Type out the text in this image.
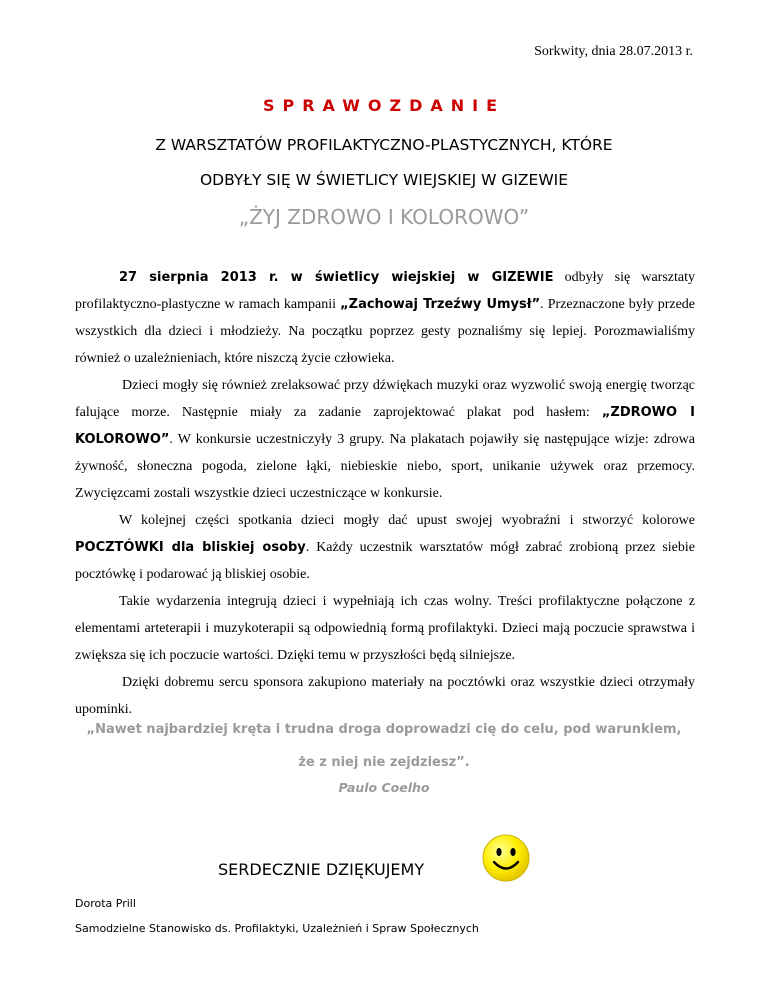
Sorkwity, dnia 28.07.2013 r.
SPRAWOZDANIE
Z WARSZTATÓW PROFILAKTYCZNO-PLASTYCZNYCH, KTÓRE
ODBYŁY SIĘ W ŚWIETLICY WIEJSKIEJ W GIZEWIE
„ŻYJ ZDROWO I KOLOROWO”

27 sierpnia 2013 r. w świetlicy wiejskiej w GIZEWIE odbyły się warsztaty profilaktyczno-plastyczne w ramach kampanii „Zachowaj Trzeźwy Umysł”. Przeznaczone były przede wszystkich dla dzieci i młodzieży. Na początku poprzez gesty poznaliśmy się lepiej. Porozmawialiśmy również o uzależnieniach, które niszczą życie człowieka.

Dzieci mogły się również zrelaksować przy dźwiękach muzyki oraz wyzwolić swoją energię tworząc falujące morze. Następnie miały za zadanie zaprojektować plakat pod hasłem: „ZDROWO I KOLOROWO”. W konkursie uczestniczyły 3 grupy. Na plakatach pojawiły się następujące wizje: zdrowa żywność, słoneczna pogoda, zielone łąki, niebieskie niebo, sport, unikanie używek oraz przemocy. Zwycięzcami zostali wszystkie dzieci uczestniczące w konkursie.

W kolejnej części spotkania dzieci mogły dać upust swojej wyobraźni i stworzyć kolorowe POCZTÓWKI dla bliskiej osoby. Każdy uczestnik warsztatów mógł zabrać zrobioną przez siebie pocztówkę i podarować ją bliskiej osobie.

Takie wydarzenia integrują dzieci i wypełniają ich czas wolny. Treści profilaktyczne połączone z elementami arteterapii i muzykoterapii są odpowiednią formą profilaktyki. Dzieci mają poczucie sprawstwa i zwiększa się ich poczucie wartości. Dzięki temu w przyszłości będą silniejsze.

Dzięki dobremu sercu sponsora zakupiono materiały na pocztówki oraz wszystkie dzieci otrzymały upominki.

„Nawet najbardziej kręta i trudna droga doprowadzi cię do celu, pod warunkiem,
że z niej nie zejdziesz”.
Paulo Coelho
SERDECZNIE DZIĘKUJEMY
Dorota Prill
Samodzielne Stanowisko ds. Profilaktyki, Uzależnień i Spraw Społecznych
